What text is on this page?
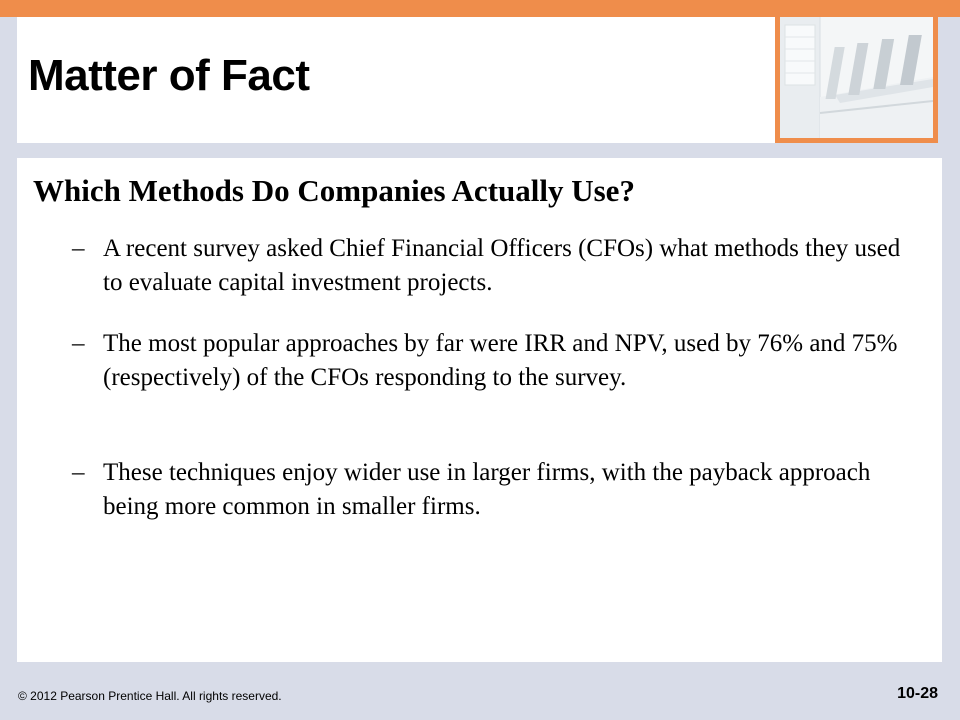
Matter of Fact
Which Methods Do Companies Actually Use?
– A recent survey asked Chief Financial Officers (CFOs) what methods they used to evaluate capital investment projects.
– The most popular approaches by far were IRR and NPV, used by 76% and 75% (respectively) of the CFOs responding to the survey.
– These techniques enjoy wider use in larger firms, with the payback approach being more common in smaller firms.
© 2012 Pearson Prentice Hall. All rights reserved.	10-28
